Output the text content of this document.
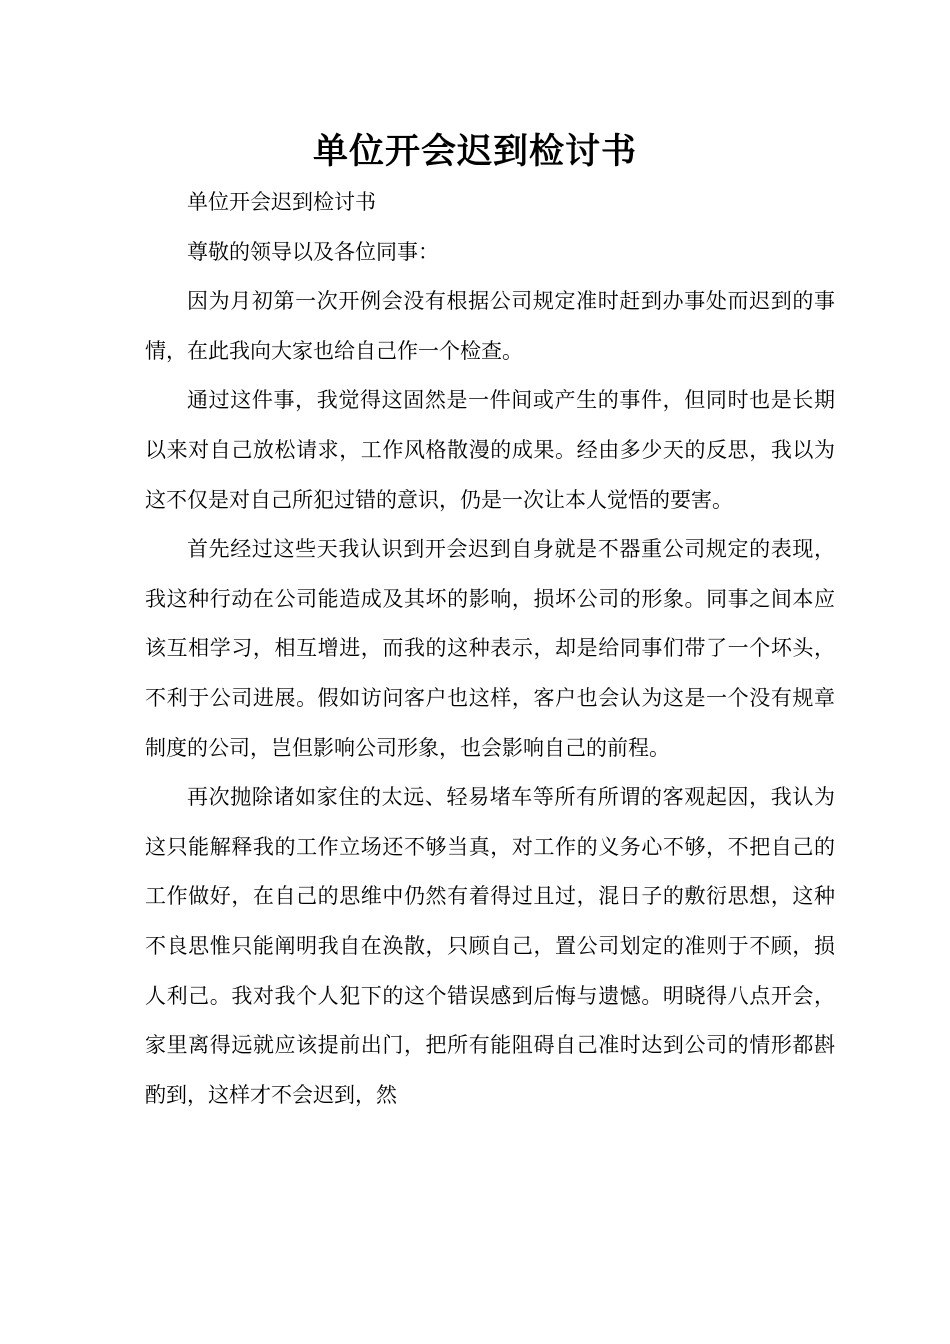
单位开会迟到检讨书

单位开会迟到检讨书

尊敬的领导以及各位同事：

因为月初第一次开例会没有根据公司规定准时赶到办事处而迟到的事情，在此我向大家也给自己作一个检查。

通过这件事，我觉得这固然是一件间或产生的事件，但同时也是长期以来对自己放松请求，工作风格散漫的成果。经由多少天的反思，我以为这不仅是对自己所犯过错的意识，仍是一次让本人觉悟的要害。

首先经过这些天我认识到开会迟到自身就是不器重公司规定的表现，我这种行动在公司能造成及其坏的影响，损坏公司的形象。同事之间本应该互相学习，相互增进，而我的这种表示，却是给同事们带了一个坏头，不利于公司进展。假如访问客户也这样，客户也会认为这是一个没有规章制度的公司，岂但影响公司形象，也会影响自己的前程。

再次抛除诸如家住的太远、轻易堵车等所有所谓的客观起因，我认为这只能解释我的工作立场还不够当真，对工作的义务心不够，不把自己的工作做好，在自己的思维中仍然有着得过且过，混日子的敷衍思想，这种不良思惟只能阐明我自在涣散，只顾自己，置公司划定的准则于不顾，损人利己。我对我个人犯下的这个错误感到后悔与遗憾。明晓得八点开会，家里离得远就应该提前出门，把所有能阻碍自己准时达到公司的情形都斟酌到，这样才不会迟到，然
